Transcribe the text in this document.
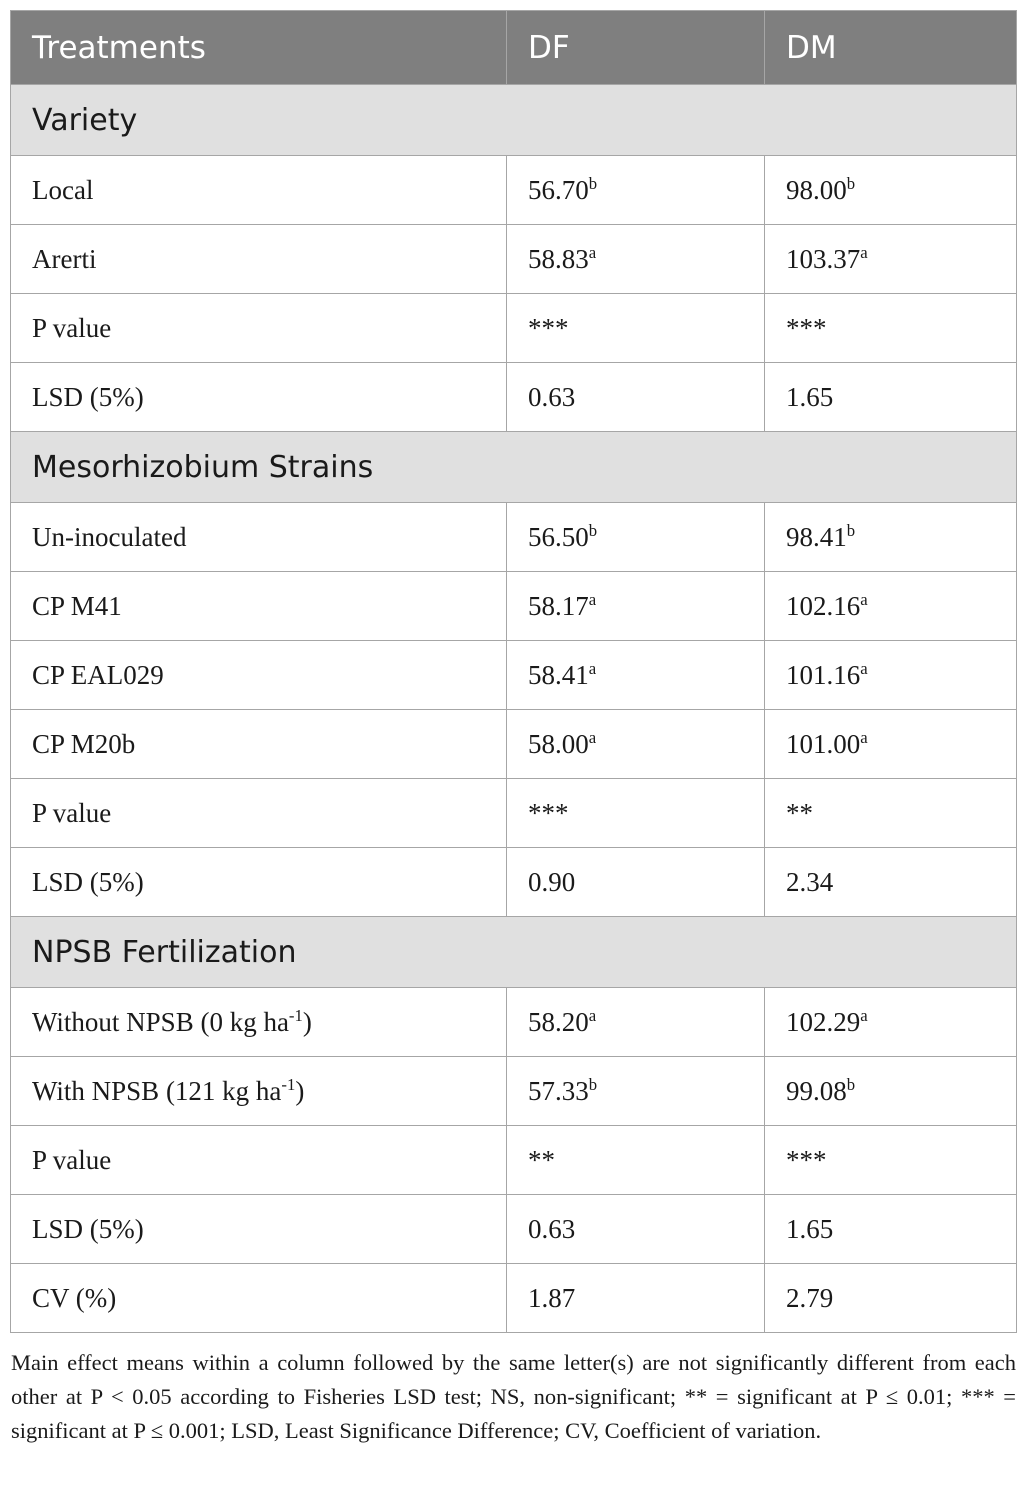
Treatments	DF	DM
Variety		
Local	56.70$^b$	98.00$^b$
Arerti	58.83$^a$	103.37$^a$
P value	***	***
LSD (5%)	0.63	1.65
Mesorhizobium Strains		
Un-inoculated	56.50$^b$	98.41$^b$
CP M41	58.17$^a$	102.16$^a$
CP EAL029	58.41$^a$	101.16$^a$
CP M20b	58.00$^a$	101.00$^a$
P value	***	**
LSD (5%)	0.90	2.34
NPSB Fertilization		
Without NPSB (0 kg $ha^{-1}$)	58.20$^a$	102.29$^a$
With NPSB (121 kg $ha^{-1}$)	57.33$^b$	99.08$^b$
P value	**	***
LSD (5%)	0.63	1.65
CV (%)	1.87	2.79

Main effect means within a column followed by the same letter(s) are not significantly different from each other at P < 0.05 according to Fisheries LSD test; NS, non-significant; ** = significant at P ≤ 0.01; *** = significant at P ≤ 0.001; LSD, Least Significance Difference; CV, Coefficient of variation.
